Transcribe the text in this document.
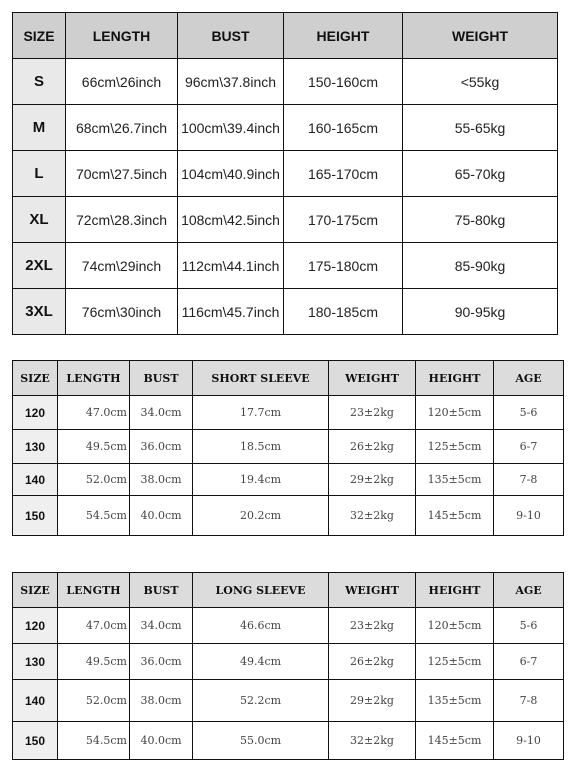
SIZE	LENGTH	BUST	HEIGHT	WEIGHT
S	66cm\26inch	96cm\37.8inch	150-160cm	<55kg
M	68cm\26.7inch	100cm\39.4inch	160-165cm	55-65kg
L	70cm\27.5inch	104cm\40.9inch	165-170cm	65-70kg
XL	72cm\28.3inch	108cm\42.5inch	170-175cm	75-80kg
2XL	74cm\29inch	112cm\44.1inch	175-180cm	85-90kg
3XL	76cm\30inch	116cm\45.7inch	180-185cm	90-95kg
SIZE	LENGTH	BUST	SHORT SLEEVE	WEIGHT	HEIGHT	AGE
120	47.0cm	34.0cm	17.7cm	23±2kg	120±5cm	5-6
130	49.5cm	36.0cm	18.5cm	26±2kg	125±5cm	6-7
140	52.0cm	38.0cm	19.4cm	29±2kg	135±5cm	7-8
150	54.5cm	40.0cm	20.2cm	32±2kg	145±5cm	9-10
SIZE	LENGTH	BUST	LONG SLEEVE	WEIGHT	HEIGHT	AGE
120	47.0cm	34.0cm	46.6cm	23±2kg	120±5cm	5-6
130	49.5cm	36.0cm	49.4cm	26±2kg	125±5cm	6-7
140	52.0cm	38.0cm	52.2cm	29±2kg	135±5cm	7-8
150	54.5cm	40.0cm	55.0cm	32±2kg	145±5cm	9-10
